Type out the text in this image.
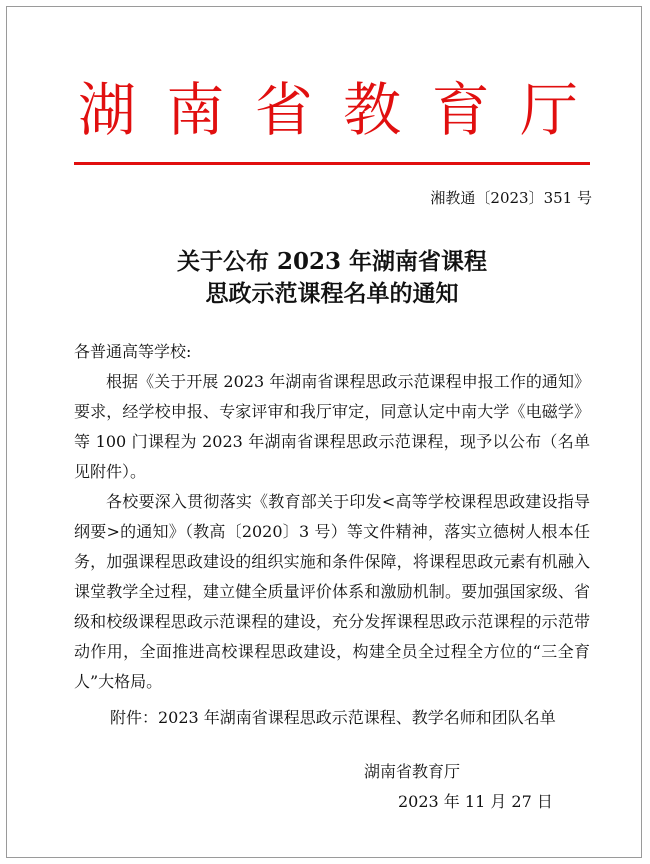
湖 南 省 教 育 厅
湘教通〔2023〕351 号
关于公布 2023 年湖南省课程
思政示范课程名单的通知

各普通高等学校:

根据《关于开展 2023 年湖南省课程思政示范课程申报工作的通知》要求，经学校申报、专家评审和我厅审定，同意认定中南大学《电磁学》等 100 门课程为 2023 年湖南省课程思政示范课程，现予以公布（名单见附件）。

各校要深入贯彻落实《教育部关于印发<高等学校课程思政建设指导纲要>的通知》（教高〔2020〕3 号）等文件精神，落实立德树人根本任务，加强课程思政建设的组织实施和条件保障，将课程思政元素有机融入课堂教学全过程，建立健全质量评价体系和激励机制。要加强国家级、省级和校级课程思政示范课程的建设，充分发挥课程思政示范课程的示范带动作用，全面推进高校课程思政建设，构建全员全过程全方位的“三全育人”大格局。

附件：2023 年湖南省课程思政示范课程、教学名师和团队名单
湖南省教育厅
2023 年 11 月 27 日
